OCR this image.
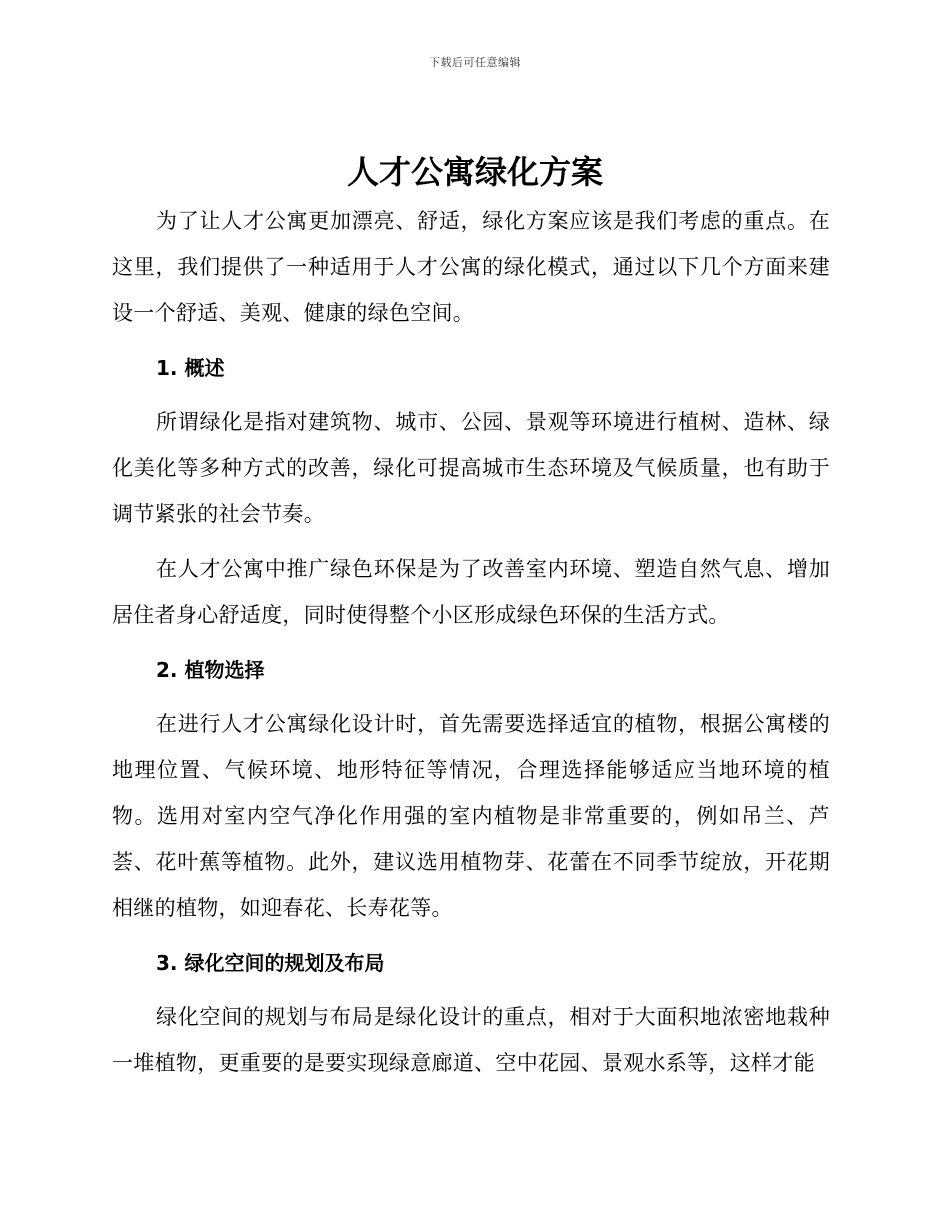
下载后可任意编辑
人才公寓绿化方案

为了让人才公寓更加漂亮、舒适，绿化方案应该是我们考虑的重点。在这里，我们提供了一种适用于人才公寓的绿化模式，通过以下几个方面来建设一个舒适、美观、健康的绿色空间。

1. 概述

所谓绿化是指对建筑物、城市、公园、景观等环境进行植树、造林、绿化美化等多种方式的改善，绿化可提高城市生态环境及气候质量，也有助于调节紧张的社会节奏。

在人才公寓中推广绿色环保是为了改善室内环境、塑造自然气息、增加居住者身心舒适度，同时使得整个小区形成绿色环保的生活方式。

2. 植物选择

在进行人才公寓绿化设计时，首先需要选择适宜的植物，根据公寓楼的地理位置、气候环境、地形特征等情况，合理选择能够适应当地环境的植物。选用对室内空气净化作用强的室内植物是非常重要的，例如吊兰、芦荟、花叶蕉等植物。此外，建议选用植物芽、花蕾在不同季节绽放，开花期相继的植物，如迎春花、长寿花等。

3. 绿化空间的规划及布局

绿化空间的规划与布局是绿化设计的重点，相对于大面积地浓密地栽种一堆植物，更重要的是要实现绿意廊道、空中花园、景观水系等，这样才能
